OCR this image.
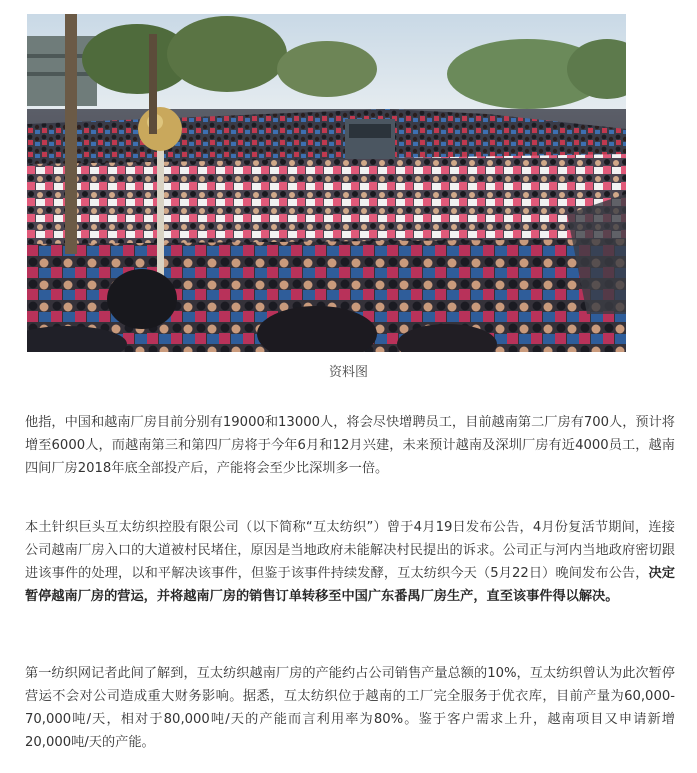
资料图

他指，中国和越南厂房目前分别有19000和13000人，将会尽快增聘员工，目前越南第二厂房有700人，预计将增至6000人，而越南第三和第四厂房将于今年6月和12月兴建，未来预计越南及深圳厂房有近4000员工，越南四间厂房2018年底全部投产后，产能将会至少比深圳多一倍。

本土针织巨头互太纺织控股有限公司（以下简称“互太纺织”）曾于4月19日发布公告，4月份复活节期间，连接公司越南厂房入口的大道被村民堵住，原因是当地政府未能解决村民提出的诉求。公司正与河内当地政府密切跟进该事件的处理，以和平解决该事件，但鉴于该事件持续发酵，互太纺织今天（5月22日）晚间发布公告，决定暂停越南厂房的营运，并将越南厂房的销售订单转移至中国广东番禺厂房生产，直至该事件得以解决。

第一纺织网记者此间了解到，互太纺织越南厂房的产能约占公司销售产量总额的10%，互太纺织曾认为此次暂停营运不会对公司造成重大财务影响。据悉，互太纺织位于越南的工厂完全服务于优衣库，目前产量为60,000-70,000吨/天，相对于80,000吨/天的产能而言利用率为80%。鉴于客户需求上升，越南项目又申请新增20,000吨/天的产能。
